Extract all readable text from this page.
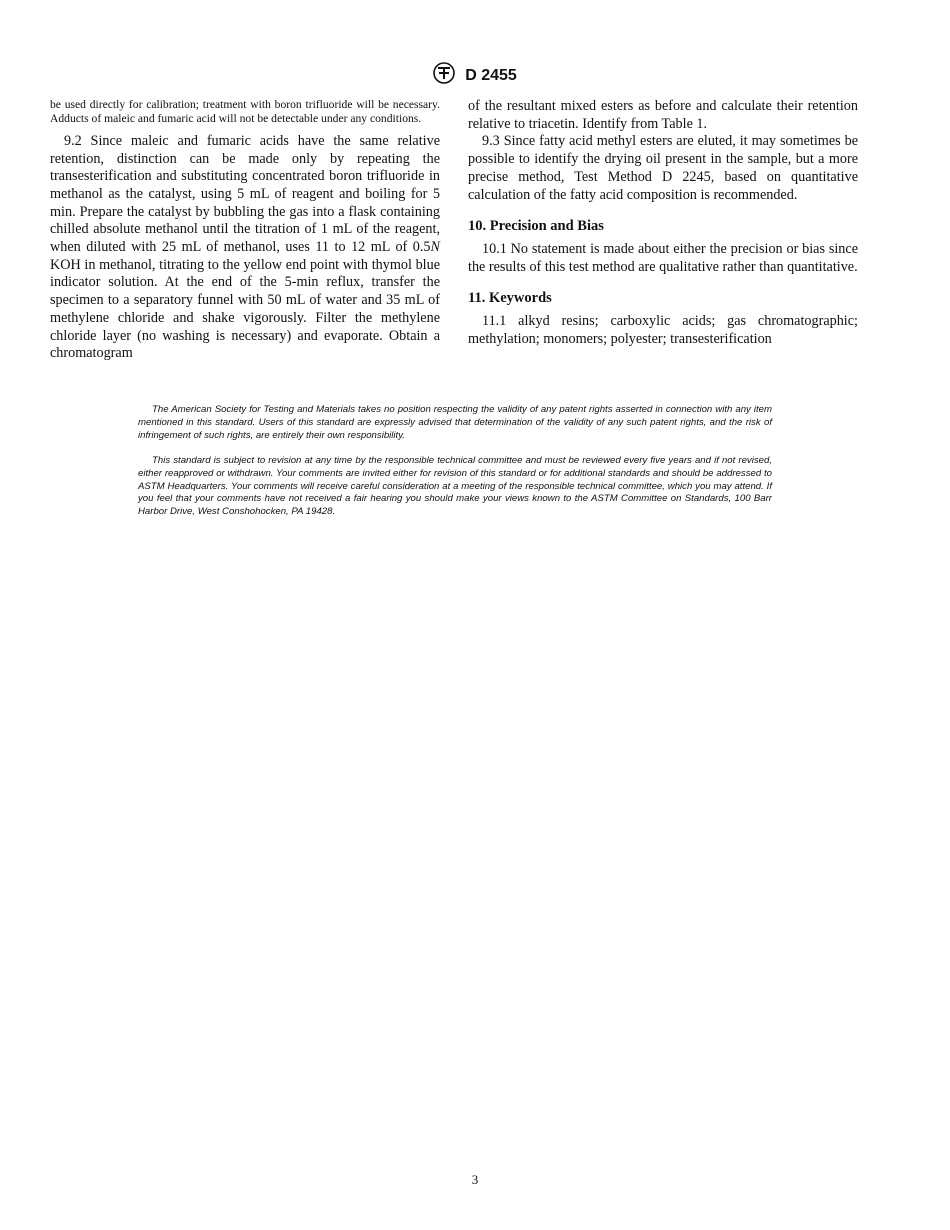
D 2455

be used directly for calibration; treatment with boron trifluoride will be necessary. Adducts of maleic and fumaric acid will not be detectable under any conditions.

9.2 Since maleic and fumaric acids have the same relative retention, distinction can be made only by repeating the transesterification and substituting concentrated boron trifluoride in methanol as the catalyst, using 5 mL of reagent and boiling for 5 min. Prepare the catalyst by bubbling the gas into a flask containing chilled absolute methanol until the titration of 1 mL of the reagent, when diluted with 25 mL of methanol, uses 11 to 12 mL of 0.5N KOH in methanol, titrating to the yellow end point with thymol blue indicator solution. At the end of the 5-min reflux, transfer the specimen to a separatory funnel with 50 mL of water and 35 mL of methylene chloride and shake vigorously. Filter the methylene chloride layer (no washing is necessary) and evaporate. Obtain a chromatogram

of the resultant mixed esters as before and calculate their retention relative to triacetin. Identify from Table 1.

9.3 Since fatty acid methyl esters are eluted, it may sometimes be possible to identify the drying oil present in the sample, but a more precise method, Test Method D 2245, based on quantitative calculation of the fatty acid composition is recommended.

10. Precision and Bias

10.1 No statement is made about either the precision or bias since the results of this test method are qualitative rather than quantitative.

11. Keywords

11.1 alkyd resins; carboxylic acids; gas chromatographic; methylation; monomers; polyester; transesterification

The American Society for Testing and Materials takes no position respecting the validity of any patent rights asserted in connection with any item mentioned in this standard. Users of this standard are expressly advised that determination of the validity of any such patent rights, and the risk of infringement of such rights, are entirely their own responsibility.

This standard is subject to revision at any time by the responsible technical committee and must be reviewed every five years and if not revised, either reapproved or withdrawn. Your comments are invited either for revision of this standard or for additional standards and should be addressed to ASTM Headquarters. Your comments will receive careful consideration at a meeting of the responsible technical committee, which you may attend. If you feel that your comments have not received a fair hearing you should make your views known to the ASTM Committee on Standards, 100 Barr Harbor Drive, West Conshohocken, PA 19428.

3
